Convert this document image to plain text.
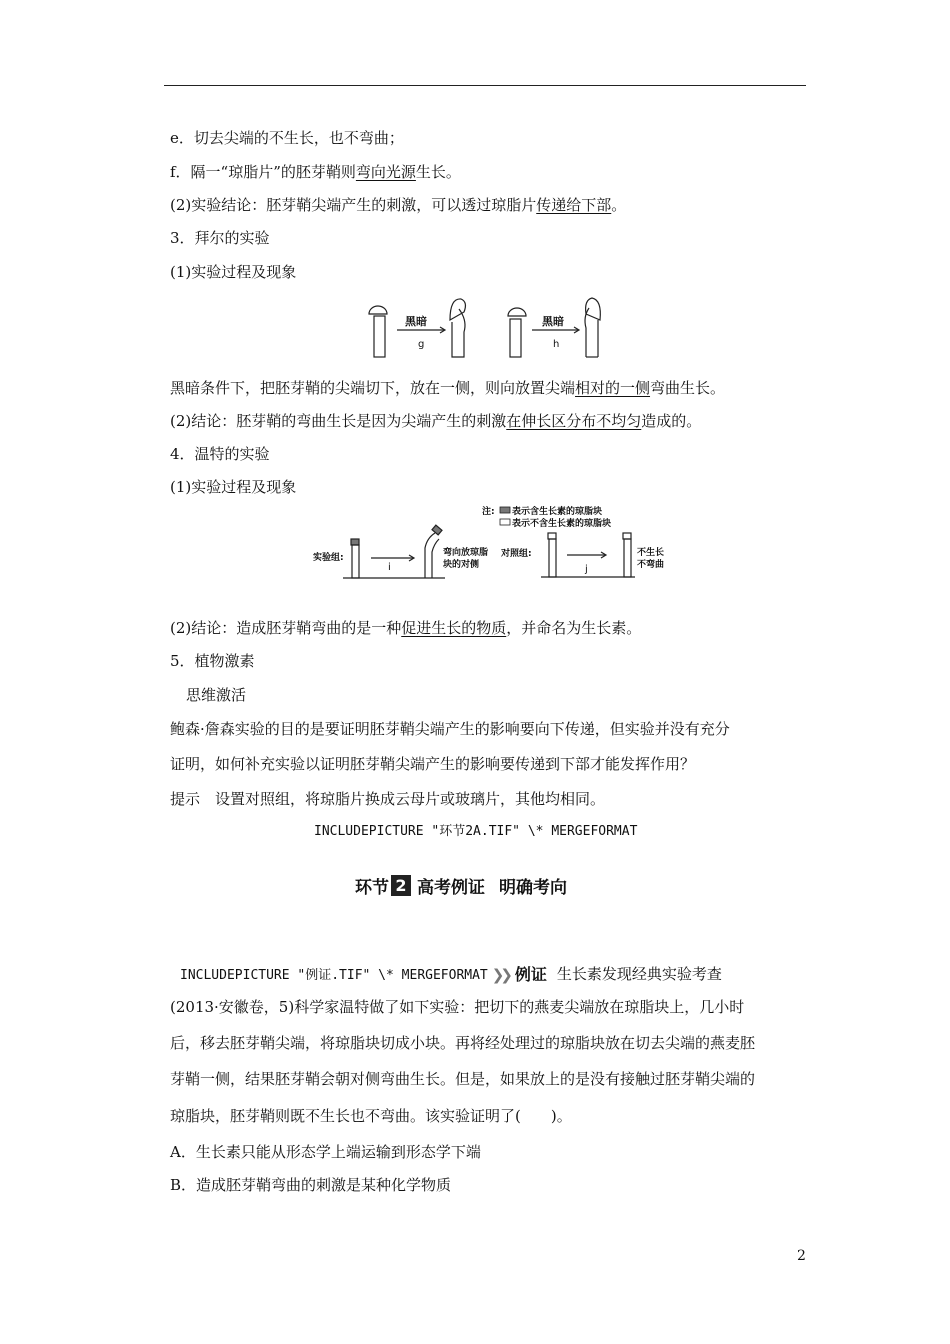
e．切去尖端的不生长，也不弯曲；
f．隔一“琼脂片”的胚芽鞘则弯向光源生长。
(2)实验结论：胚芽鞘尖端产生的刺激，可以透过琼脂片传递给下部。
3．拜尔的实验
(1)实验过程及现象
黑暗
g
黑暗
h
黑暗条件下，把胚芽鞘的尖端切下，放在一侧，则向放置尖端相对的一侧弯曲生长。
(2)结论：胚芽鞘的弯曲生长是因为尖端产生的刺激在伸长区分布不均匀造成的。
4．温特的实验
(1)实验过程及现象
注: 表示含生长素的琼脂块
表示不含生长素的琼脂块
实验组:	弯向放琼脂
块的对侧
对照组:	不生长
不弯曲
i	j
(2)结论：造成胚芽鞘弯曲的是一种促进生长的物质，并命名为生长素。
5．植物激素
思维激活
鲍森·詹森实验的目的是要证明胚芽鞘尖端产生的影响要向下传递，但实验并没有充分
证明，如何补充实验以证明胚芽鞘尖端产生的影响要传递到下部才能发挥作用？
提示　设置对照组，将琼脂片换成云母片或玻璃片，其他均相同。
INCLUDEPICTURE "环节2A.TIF" \* MERGEFORMAT
环节 2 高考例证 明确考向
INCLUDEPICTURE "例证.TIF" \* MERGEFORMAT ❯❯ 例证 生长素发现经典实验考查
(2013·安徽卷，5)科学家温特做了如下实验：把切下的燕麦尖端放在琼脂块上，几小时
后，移去胚芽鞘尖端，将琼脂块切成小块。再将经处理过的琼脂块放在切去尖端的燕麦胚
芽鞘一侧，结果胚芽鞘会朝对侧弯曲生长。但是，如果放上的是没有接触过胚芽鞘尖端的
琼脂块，胚芽鞘则既不生长也不弯曲。该实验证明了(　　)。
A．生长素只能从形态学上端运输到形态学下端
B．造成胚芽鞘弯曲的刺激是某种化学物质
2
